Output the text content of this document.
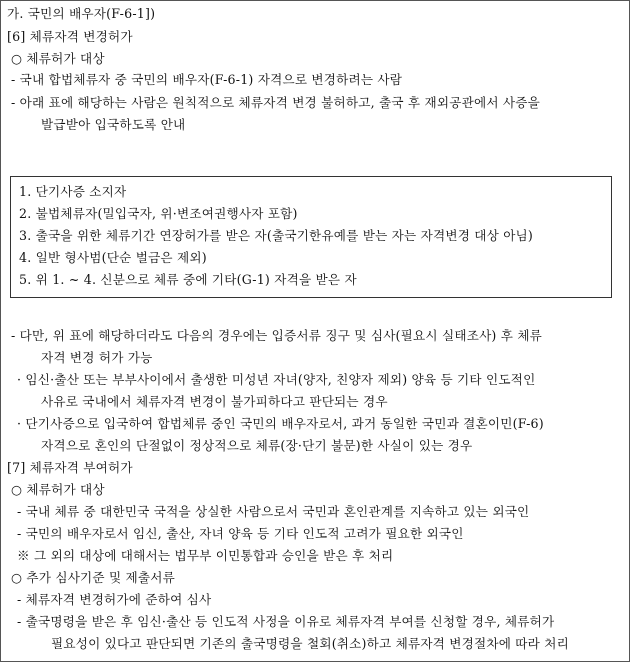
가. 국민의 배우자(F-6-1])
[6] 체류자격 변경허가
○ 체류허가 대상
- 국내 합법체류자 중 국민의 배우자(F-6-1) 자격으로 변경하려는 사람
- 아래 표에 해당하는 사람은 원칙적으로 체류자격 변경 불허하고, 출국 후 재외공관에서 사증을
발급받아 입국하도록 안내
1. 단기사증 소지자
2. 불법체류자(밀입국자, 위·변조여권행사자 포함)
3. 출국을 위한 체류기간 연장허가를 받은 자(출국기한유예를 받는 자는 자격변경 대상 아님)
4. 일반 형사범(단순 벌금은 제외)
5. 위 1. ~ 4. 신분으로 체류 중에 기타(G-1) 자격을 받은 자
- 다만, 위 표에 해당하더라도 다음의 경우에는 입증서류 징구 및 심사(필요시 실태조사) 후 체류
자격 변경 허가 가능
· 임신·출산 또는 부부사이에서 출생한 미성년 자녀(양자, 친양자 제외) 양육 등 기타 인도적인
사유로 국내에서 체류자격 변경이 불가피하다고 판단되는 경우
· 단기사증으로 입국하여 합법체류 중인 국민의 배우자로서, 과거 동일한 국민과 결혼이민(F-6)
자격으로 혼인의 단절없이 정상적으로 체류(장·단기 불문)한 사실이 있는 경우
[7] 체류자격 부여허가
○ 체류허가 대상
- 국내 체류 중 대한민국 국적을 상실한 사람으로서 국민과 혼인관계를 지속하고 있는 외국인
- 국민의 배우자로서 임신, 출산, 자녀 양육 등 기타 인도적 고려가 필요한 외국인
※ 그 외의 대상에 대해서는 법무부 이민통합과 승인을 받은 후 처리
○ 추가 심사기준 및 제출서류
- 체류자격 변경허가에 준하여 심사
- 출국명령을 받은 후 임신·출산 등 인도적 사정을 이유로 체류자격 부여를 신청할 경우, 체류허가
필요성이 있다고 판단되면 기존의 출국명령을 철회(취소)하고 체류자격 변경절차에 따라 처리
